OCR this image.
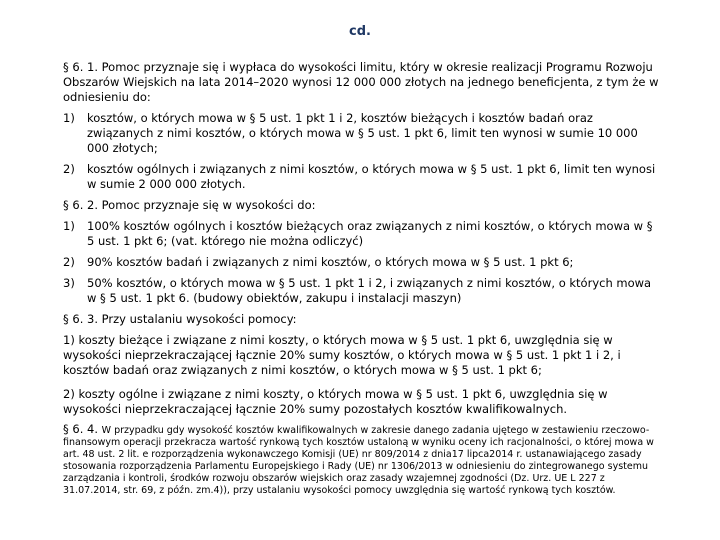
cd.

§ 6. 1. Pomoc przyznaje się i wypłaca do wysokości limitu, który w okresie realizacji Programu Rozwoju Obszarów Wiejskich na lata 2014–2020 wynosi 12 000 000 złotych na jednego beneficjenta, z tym że w odniesieniu do:

1)	kosztów, o których mowa w § 5 ust. 1 pkt 1 i 2, kosztów bieżących i kosztów badań oraz związanych z nimi kosztów, o których mowa w § 5 ust. 1 pkt 6, limit ten wynosi w sumie 10 000 000 złotych;
2)	kosztów ogólnych i związanych z nimi kosztów, o których mowa w § 5 ust. 1 pkt 6, limit ten wynosi w sumie 2 000 000 złotych.

§ 6. 2. Pomoc przyznaje się w wysokości do:

1)	100% kosztów ogólnych i kosztów bieżących oraz związanych z nimi kosztów, o których mowa w § 5 ust. 1 pkt 6; (vat. którego nie można odliczyć)
2)	90% kosztów badań i związanych z nimi kosztów, o których mowa w § 5 ust. 1 pkt 6;
3)	50% kosztów, o których mowa w § 5 ust. 1 pkt 1 i 2, i związanych z nimi kosztów, o których mowa w § 5 ust. 1 pkt 6. (budowy obiektów, zakupu i instalacji maszyn)

§ 6. 3. Przy ustalaniu wysokości pomocy:

1) koszty bieżące i związane z nimi koszty, o których mowa w § 5 ust. 1 pkt 6, uwzględnia się w wysokości nieprzekraczającej łącznie 20% sumy kosztów, o których mowa w § 5 ust. 1 pkt 1 i 2, i kosztów badań oraz związanych z nimi kosztów, o których mowa w § 5 ust. 1 pkt 6;

2) koszty ogólne i związane z nimi koszty, o których mowa w § 5 ust. 1 pkt 6, uwzględnia się w wysokości nieprzekraczającej łącznie 20% sumy pozostałych kosztów kwalifikowalnych.

§ 6. 4. W przypadku gdy wysokość kosztów kwalifikowalnych w zakresie danego zadania ujętego w zestawieniu rzeczowo-finansowym operacji przekracza wartość rynkową tych kosztów ustaloną w wyniku oceny ich racjonalności, o której mowa w art. 48 ust. 2 lit. e rozporządzenia wykonawczego Komisji (UE) nr 809/2014 z dnia17 lipca2014 r. ustanawiającego zasady stosowania rozporządzenia Parlamentu Europejskiego i Rady (UE) nr 1306/2013 w odniesieniu do zintegrowanego systemu zarządzania i kontroli, środków rozwoju obszarów wiejskich oraz zasady wzajemnej zgodności (Dz. Urz. UE L 227 z 31.07.2014, str. 69, z późn. zm.4)), przy ustalaniu wysokości pomocy uwzględnia się wartość rynkową tych kosztów.
